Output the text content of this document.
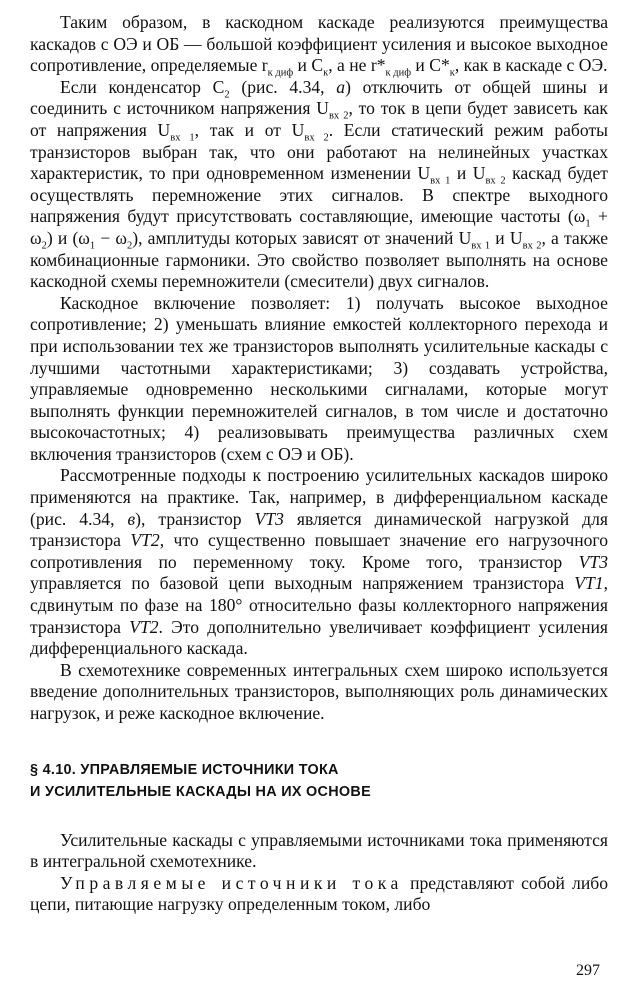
Таким образом, в каскодном каскаде реализуются преимущества каскадов с ОЭ и ОБ — большой коэффициент усиления и высокое выходное сопротивление, определяемые $r_{к диф}$ и $C_к$, а не $r*_{к диф}$ и $C*_к$, как в каскаде с ОЭ.

Если конденсатор $C_2$ (рис. 4.34, а) отключить от общей шины и соединить с источником напряжения $U_{вх 2}$, то ток в цепи будет зависеть как от напряжения $U_{вх 1}$, так и от $U_{вх 2}$. Если статический режим работы транзисторов выбран так, что они работают на нелинейных участках характеристик, то при одновременном изменении $U_{вх 1}$ и $U_{вх 2}$ каскад будет осуществлять перемножение этих сигналов. В спектре выходного напряжения будут присутствовать составляющие, имеющие частоты $(\omega_1 + \omega_2)$ и $(\omega_1 - \omega_2)$, амплитуды которых зависят от значений $U_{вх 1}$ и $U_{вх 2}$, а также комбинационные гармоники. Это свойство позволяет выполнять на основе каскодной схемы перемножители (смесители) двух сигналов.

Каскодное включение позволяет: 1) получать высокое выходное сопротивление; 2) уменьшать влияние емкостей коллекторного перехода и при использовании тех же транзисторов выполнять усилительные каскады с лучшими частотными характеристиками; 3) создавать устройства, управляемые одновременно несколькими сигналами, которые могут выполнять функции перемножителей сигналов, в том числе и достаточно высокочастотных; 4) реализовывать преимущества различных схем включения транзисторов (схем с ОЭ и ОБ).

Рассмотренные подходы к построению усилительных каскадов широко применяются на практике. Так, например, в дифференциальном каскаде (рис. 4.34, в), транзистор VT3 является динамической нагрузкой для транзистора VT2, что существенно повышает значение его нагрузочного сопротивления по переменному току. Кроме того, транзистор VT3 управляется по базовой цепи выходным напряжением транзистора VT1, сдвинутым по фазе на 180° относительно фазы коллекторного напряжения транзистора VT2. Это дополнительно увеличивает коэффициент усиления дифференциального каскада.

В схемотехнике современных интегральных схем широко используется введение дополнительных транзисторов, выполняющих роль динамических нагрузок, и реже каскодное включение.

§ 4.10. УПРАВЛЯЕМЫЕ ИСТОЧНИКИ ТОКА
И УСИЛИТЕЛЬНЫЕ КАСКАДЫ НА ИХ ОСНОВЕ

Усилительные каскады с управляемыми источниками тока применяются в интегральной схемотехнике.

Управляемые источники тока представляют собой либо цепи, питающие нагрузку определенным током, либо

297
